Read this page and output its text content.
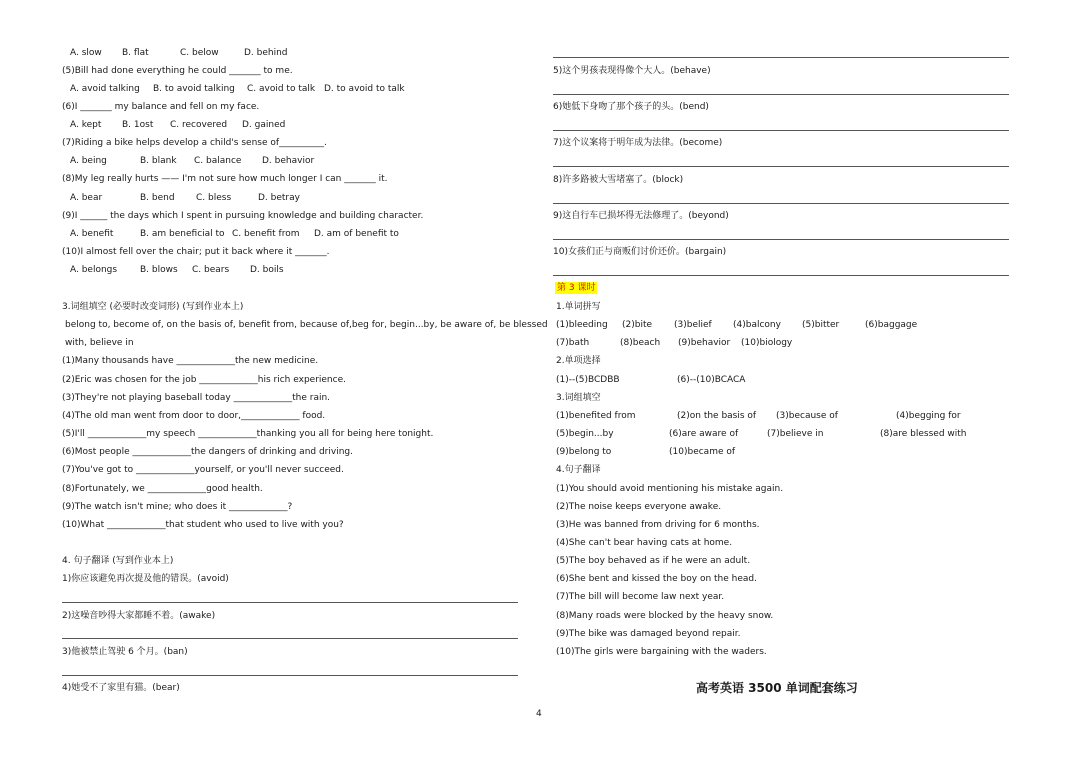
A. slow B. flat	C. below	D. behind
(5)Bill had done everything he could _______ to me.
A. avoid talking B. to avoid talking C. avoid to talk D. to avoid to talk
(6)I _______ my balance and fell on my face.
A. kept B. 1ost C. recovered D. gained
(7)Riding a bike helps develop a child's sense of__________.
A. being	B. blank C. balance D. behavior
(8)My leg really hurts —— I'm not sure how much longer I can _______ it.
A. bear	B. bend C. bless	D. betray
(9)I ______ the days which I spent in pursuing knowledge and building character.
A. benefit	B. am beneficial to C. benefit from D. am of benefit to
(10)I almost fell over the chair; put it back where it _______.
A. belongs	B. blows C. bears D. boils
3.词组填空 (必要时改变词形) (写到作业本上)
belong to, become of, on the basis of, benefit from, because of,beg for, begin...by, be aware of, be blessed
with, believe in
(1)Many thousands have _____________the new medicine.
(2)Eric was chosen for the job _____________his rich experience.
(3)They're not playing baseball today _____________the rain.
(4)The old man went from door to door,_____________ food.
(5)I'll _____________my speech _____________thanking you all for being here tonight.
(6)Most people _____________the dangers of drinking and driving.
(7)You've got to _____________yourself, or you'll never succeed.
(8)Fortunately, we _____________good health.
(9)The watch isn't mine; who does it _____________?
(10)What _____________that student who used to live with you?
4. 句子翻译 (写到作业本上)
1)你应该避免再次提及他的错误。(avoid)
2)这噪音吵得大家都睡不着。(awake)
3)他被禁止驾驶 6 个月。(ban)
4)她受不了家里有猫。(bear)
5)这个男孩表现得像个大人。(behave)
6)她低下身吻了那个孩子的头。(bend)
7)这个议案将于明年成为法律。(become)
8)许多路被大雪堵塞了。(block)
9)这自行车已损坏得无法修理了。(beyond)
10)女孩们正与商贩们讨价还价。(bargain)
第 3 课时
1.单词拼写
(1)bleeding (2)bite (3)belief (4)balcony (5)bitter	(6)baggage
(7)bath	(8)beach (9)behavior (10)biology
2.单项选择
(1)--(5)BCDBB	(6)--(10)BCACA
3.词组填空
(1)benefited from	(2)on the basis of (3)because of	(4)begging for
(5)begin...by	(6)are aware of	(7)believe in	(8)are blessed with
(9)belong to	(10)became of
4.句子翻译
(1)You should avoid mentioning his mistake again.
(2)The noise keeps everyone awake.
(3)He was banned from driving for 6 months.
(4)She can't bear having cats at home.
(5)The boy behaved as if he were an adult.
(6)She bent and kissed the boy on the head.
(7)The bill will become law next year.
(8)Many roads were blocked by the heavy snow.
(9)The bike was damaged beyond repair.
(10)The girls were bargaining with the waders.
高考英语 3500 单词配套练习
4
